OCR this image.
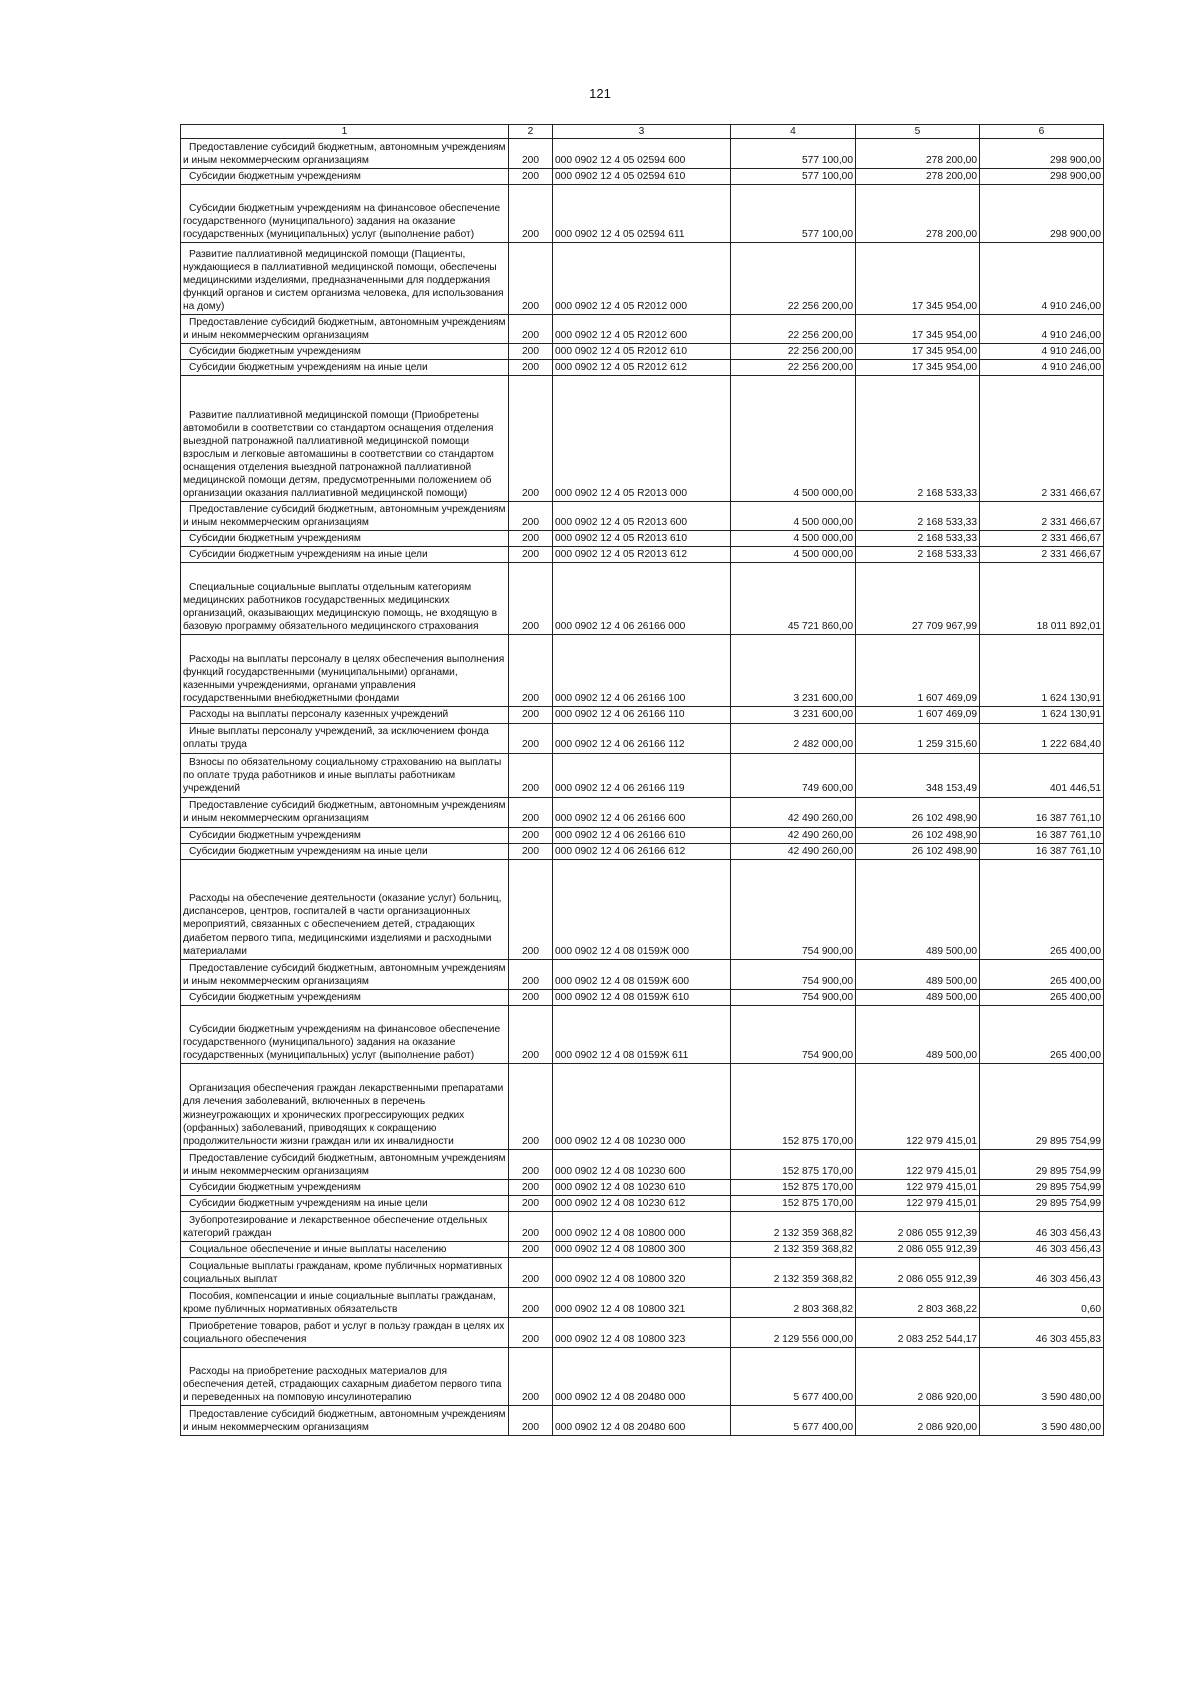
121
1	2	3	4	5	6
Предоставление субсидий бюджетным, автономным учреждениям и иным некоммерческим организациям	200	000 0902 12 4 05 02594 600	577 100,00	278 200,00	298 900,00
Субсидии бюджетным учреждениям	200	000 0902 12 4 05 02594 610	577 100,00	278 200,00	298 900,00
Субсидии бюджетным учреждениям на финансовое обеспечение государственного (муниципального) задания на оказание государственных (муниципальных) услуг (выполнение работ)	200	000 0902 12 4 05 02594 611	577 100,00	278 200,00	298 900,00
Развитие паллиативной медицинской помощи (Пациенты, нуждающиеся в паллиативной медицинской помощи, обеспечены медицинскими изделиями, предназначенными для поддержания функций органов и систем организма человека, для использования на дому)	200	000 0902 12 4 05 R2012 000	22 256 200,00	17 345 954,00	4 910 246,00
Предоставление субсидий бюджетным, автономным учреждениям и иным некоммерческим организациям	200	000 0902 12 4 05 R2012 600	22 256 200,00	17 345 954,00	4 910 246,00
Субсидии бюджетным учреждениям	200	000 0902 12 4 05 R2012 610	22 256 200,00	17 345 954,00	4 910 246,00
Субсидии бюджетным учреждениям на иные цели	200	000 0902 12 4 05 R2012 612	22 256 200,00	17 345 954,00	4 910 246,00
Развитие паллиативной медицинской помощи (Приобретены автомобили в соответствии со стандартом оснащения отделения выездной патронажной паллиативной медицинской помощи взрослым и легковые автомашины в соответствии со стандартом оснащения отделения выездной патронажной паллиативной медицинской помощи детям, предусмотренными положением об организации оказания паллиативной медицинской помощи)	200	000 0902 12 4 05 R2013 000	4 500 000,00	2 168 533,33	2 331 466,67
Предоставление субсидий бюджетным, автономным учреждениям и иным некоммерческим организациям	200	000 0902 12 4 05 R2013 600	4 500 000,00	2 168 533,33	2 331 466,67
Субсидии бюджетным учреждениям	200	000 0902 12 4 05 R2013 610	4 500 000,00	2 168 533,33	2 331 466,67
Субсидии бюджетным учреждениям на иные цели	200	000 0902 12 4 05 R2013 612	4 500 000,00	2 168 533,33	2 331 466,67
Специальные социальные выплаты отдельным категориям медицинских работников государственных медицинских организаций, оказывающих медицинскую помощь, не входящую в базовую программу обязательного медицинского страхования	200	000 0902 12 4 06 26166 000	45 721 860,00	27 709 967,99	18 011 892,01
Расходы на выплаты персоналу в целях обеспечения выполнения функций государственными (муниципальными) органами, казенными учреждениями, органами управления государственными внебюджетными фондами	200	000 0902 12 4 06 26166 100	3 231 600,00	1 607 469,09	1 624 130,91
Расходы на выплаты персоналу казенных учреждений	200	000 0902 12 4 06 26166 110	3 231 600,00	1 607 469,09	1 624 130,91
Иные выплаты персоналу учреждений, за исключением фонда оплаты труда	200	000 0902 12 4 06 26166 112	2 482 000,00	1 259 315,60	1 222 684,40
Взносы по обязательному социальному страхованию на выплаты по оплате труда работников и иные выплаты работникам учреждений	200	000 0902 12 4 06 26166 119	749 600,00	348 153,49	401 446,51
Предоставление субсидий бюджетным, автономным учреждениям и иным некоммерческим организациям	200	000 0902 12 4 06 26166 600	42 490 260,00	26 102 498,90	16 387 761,10
Субсидии бюджетным учреждениям	200	000 0902 12 4 06 26166 610	42 490 260,00	26 102 498,90	16 387 761,10
Субсидии бюджетным учреждениям на иные цели	200	000 0902 12 4 06 26166 612	42 490 260,00	26 102 498,90	16 387 761,10
Расходы на обеспечение деятельности (оказание услуг) больниц, диспансеров, центров, госпиталей в части организационных мероприятий, связанных с обеспечением детей, страдающих диабетом первого типа, медицинскими изделиями и расходными материалами	200	000 0902 12 4 08 0159Ж 000	754 900,00	489 500,00	265 400,00
Предоставление субсидий бюджетным, автономным учреждениям и иным некоммерческим организациям	200	000 0902 12 4 08 0159Ж 600	754 900,00	489 500,00	265 400,00
Субсидии бюджетным учреждениям	200	000 0902 12 4 08 0159Ж 610	754 900,00	489 500,00	265 400,00
Субсидии бюджетным учреждениям на финансовое обеспечение государственного (муниципального) задания на оказание государственных (муниципальных) услуг (выполнение работ)	200	000 0902 12 4 08 0159Ж 611	754 900,00	489 500,00	265 400,00
Организация обеспечения граждан лекарственными препаратами для лечения заболеваний, включенных в перечень жизнеугрожающих и хронических прогрессирующих редких (орфанных) заболеваний, приводящих к сокращению продолжительности жизни граждан или их инвалидности	200	000 0902 12 4 08 10230 000	152 875 170,00	122 979 415,01	29 895 754,99
Предоставление субсидий бюджетным, автономным учреждениям и иным некоммерческим организациям	200	000 0902 12 4 08 10230 600	152 875 170,00	122 979 415,01	29 895 754,99
Субсидии бюджетным учреждениям	200	000 0902 12 4 08 10230 610	152 875 170,00	122 979 415,01	29 895 754,99
Субсидии бюджетным учреждениям на иные цели	200	000 0902 12 4 08 10230 612	152 875 170,00	122 979 415,01	29 895 754,99
Зубопротезирование и лекарственное обеспечение отдельных категорий граждан	200	000 0902 12 4 08 10800 000	2 132 359 368,82	2 086 055 912,39	46 303 456,43
Социальное обеспечение и иные выплаты населению	200	000 0902 12 4 08 10800 300	2 132 359 368,82	2 086 055 912,39	46 303 456,43
Социальные выплаты гражданам, кроме публичных нормативных социальных выплат	200	000 0902 12 4 08 10800 320	2 132 359 368,82	2 086 055 912,39	46 303 456,43
Пособия, компенсации и иные социальные выплаты гражданам, кроме публичных нормативных обязательств	200	000 0902 12 4 08 10800 321	2 803 368,82	2 803 368,22	0,60
Приобретение товаров, работ и услуг в пользу граждан в целях их социального обеспечения	200	000 0902 12 4 08 10800 323	2 129 556 000,00	2 083 252 544,17	46 303 455,83
Расходы на приобретение расходных материалов для обеспечения детей, страдающих сахарным диабетом первого типа и переведенных на помповую инсулинотерапию	200	000 0902 12 4 08 20480 000	5 677 400,00	2 086 920,00	3 590 480,00
Предоставление субсидий бюджетным, автономным учреждениям и иным некоммерческим организациям	200	000 0902 12 4 08 20480 600	5 677 400,00	2 086 920,00	3 590 480,00
